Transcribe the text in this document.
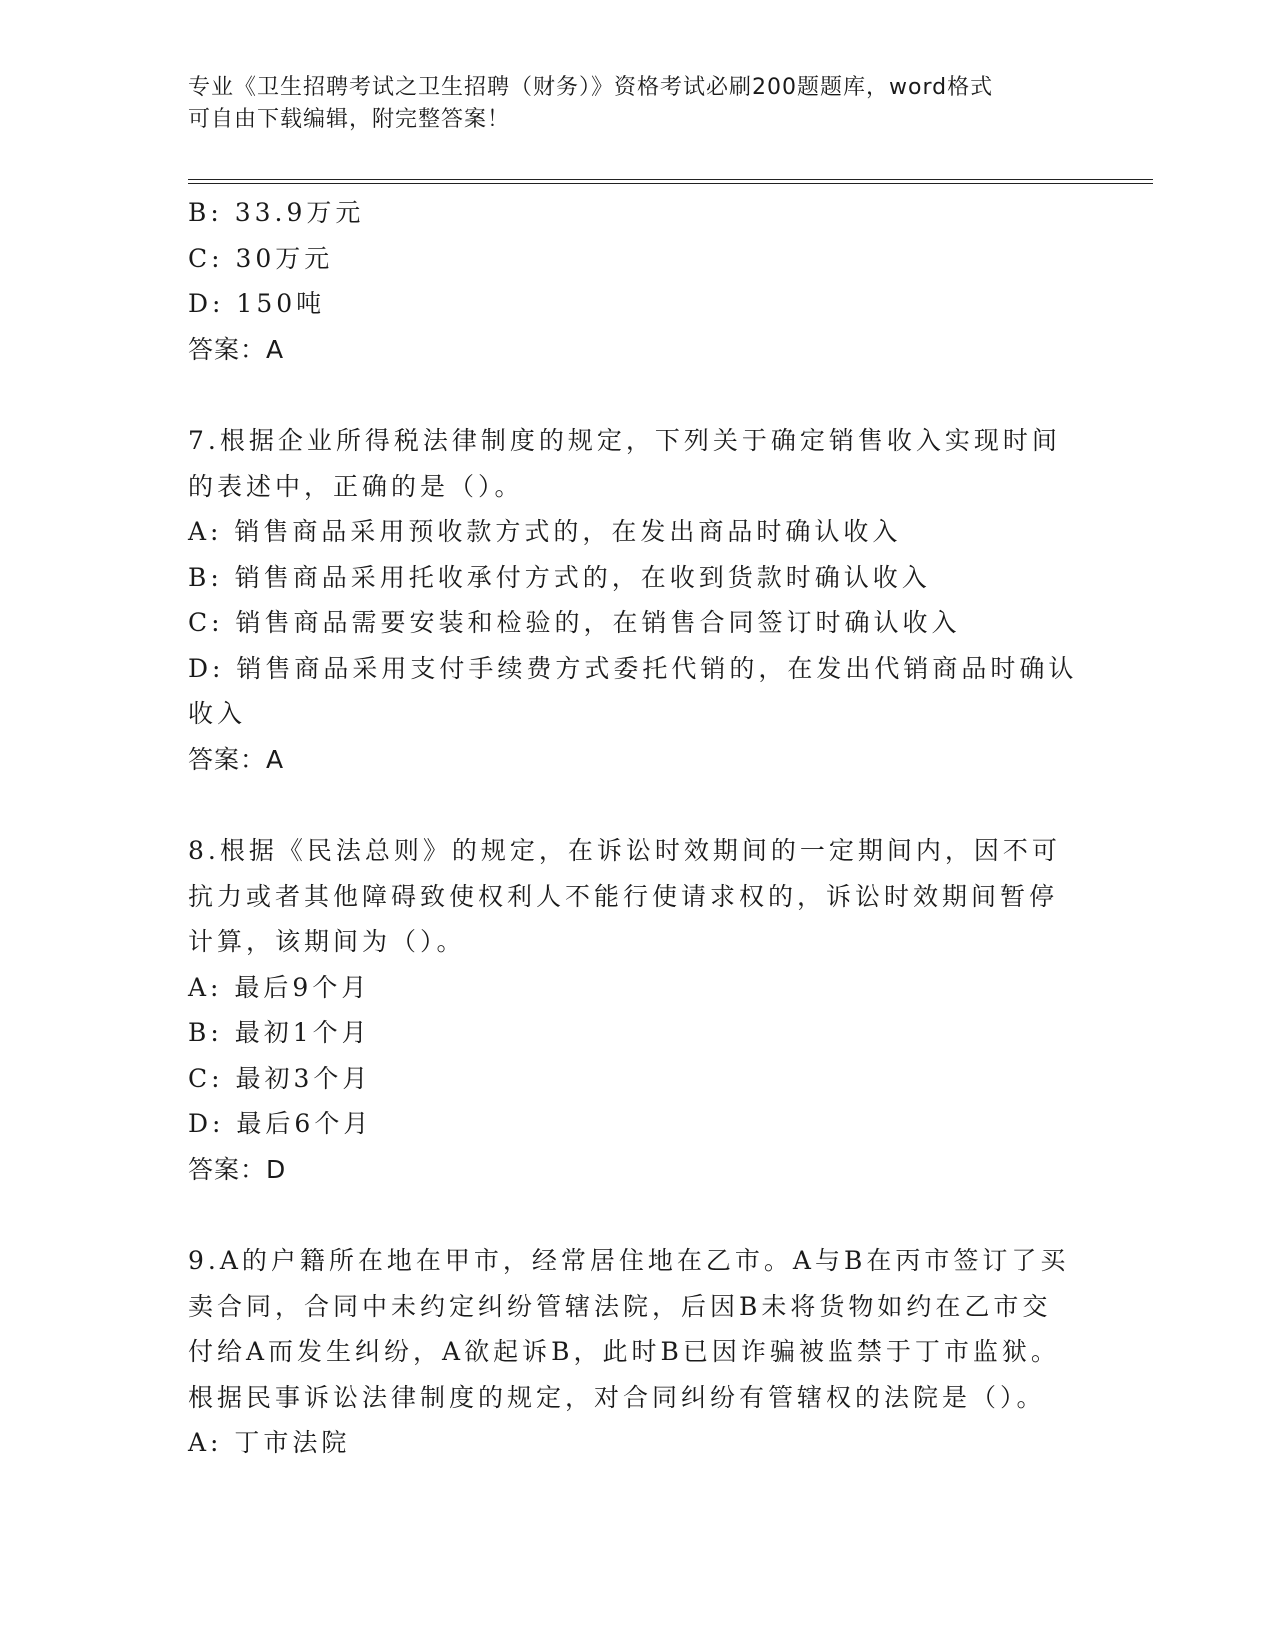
专业《卫生招聘考试之卫生招聘（财务）》资格考试必刷200题题库，word格式
可自由下载编辑，附完整答案！
B: 33.9万元
C: 30万元
D: 150吨
答案：A
7.根据企业所得税法律制度的规定，下列关于确定销售收入实现时间
的表述中，正确的是（）。
A: 销售商品采用预收款方式的，在发出商品时确认收入
B: 销售商品采用托收承付方式的，在收到货款时确认收入
C: 销售商品需要安装和检验的，在销售合同签订时确认收入
D: 销售商品采用支付手续费方式委托代销的，在发出代销商品时确认
收入
答案：A
8.根据《民法总则》的规定，在诉讼时效期间的一定期间内，因不可
抗力或者其他障碍致使权利人不能行使请求权的，诉讼时效期间暂停
计算，该期间为（）。
A: 最后9个月
B: 最初1个月
C: 最初3个月
D: 最后6个月
答案：D
9.A的户籍所在地在甲市，经常居住地在乙市。A与B在丙市签订了买
卖合同，合同中未约定纠纷管辖法院，后因B未将货物如约在乙市交
付给A而发生纠纷，A欲起诉B，此时B已因诈骗被监禁于丁市监狱。
根据民事诉讼法律制度的规定，对合同纠纷有管辖权的法院是（）。
A: 丁市法院
